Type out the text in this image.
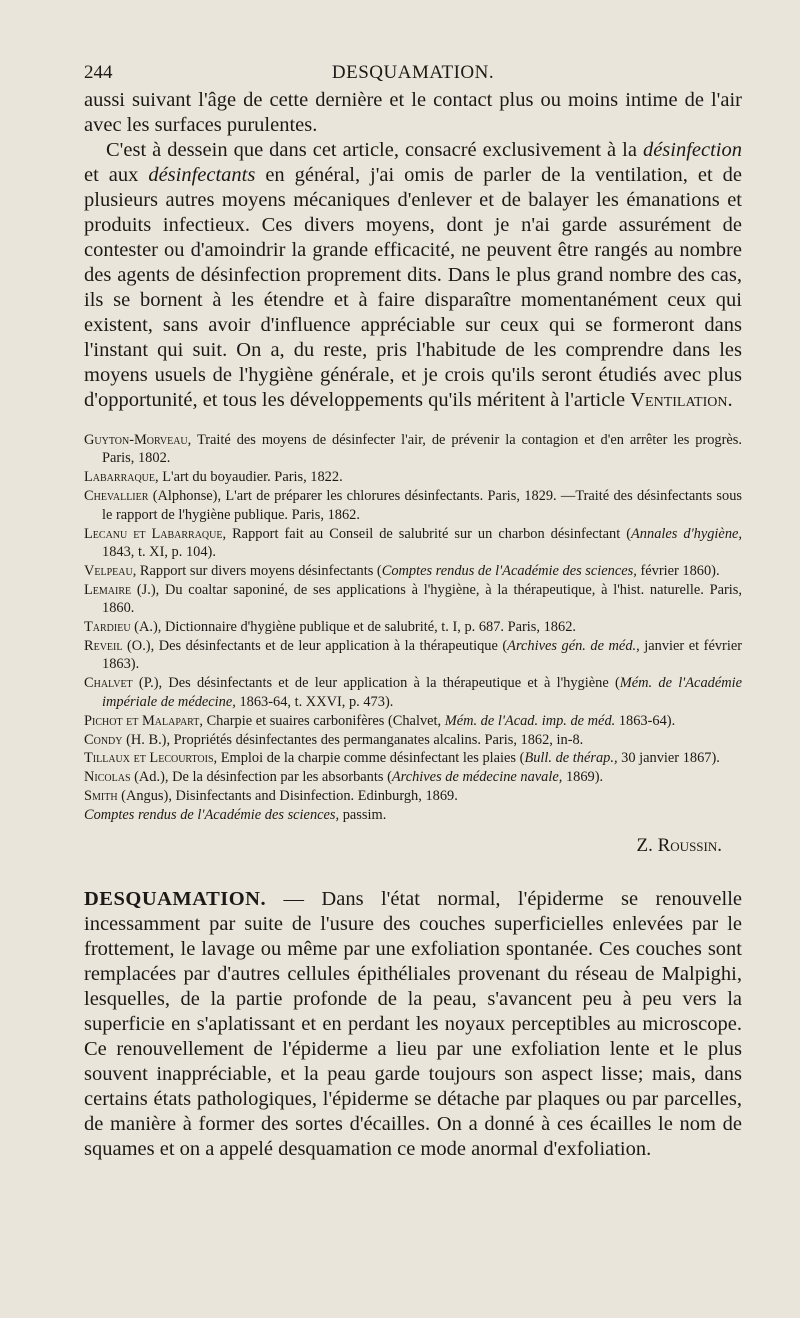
244	DESQUAMATION.

aussi suivant l'âge de cette dernière et le contact plus ou moins intime de l'air avec les surfaces purulentes.

C'est à dessein que dans cet article, consacré exclusivement à la désinfection et aux désinfectants en général, j'ai omis de parler de la ventilation, et de plusieurs autres moyens mécaniques d'enlever et de balayer les émanations et produits infectieux. Ces divers moyens, dont je n'ai garde assurément de contester ou d'amoindrir la grande efficacité, ne peuvent être rangés au nombre des agents de désinfection proprement dits. Dans le plus grand nombre des cas, ils se bornent à les étendre et à faire disparaître momentanément ceux qui existent, sans avoir d'influence appréciable sur ceux qui se formeront dans l'instant qui suit. On a, du reste, pris l'habitude de les comprendre dans les moyens usuels de l'hygiène générale, et je crois qu'ils seront étudiés avec plus d'opportunité, et tous les développements qu'ils méritent à l'article Ventilation.

Guyton-Morveau, Traité des moyens de désinfecter l'air, de prévenir la contagion et d'en arrêter les progrès. Paris, 1802.
Labarraque, L'art du boyaudier. Paris, 1822.
Chevallier (Alphonse), L'art de préparer les chlorures désinfectants. Paris, 1829. —Traité des désinfectants sous le rapport de l'hygiène publique. Paris, 1862.
Lecanu et Labarraque, Rapport fait au Conseil de salubrité sur un charbon désinfectant (Annales d'hygiène, 1843, t. XI, p. 104).
Velpeau, Rapport sur divers moyens désinfectants (Comptes rendus de l'Académie des sciences, février 1860).
Lemaire (J.), Du coaltar saponiné, de ses applications à l'hygiène, à la thérapeutique, à l'hist. naturelle. Paris, 1860.
Tardieu (A.), Dictionnaire d'hygiène publique et de salubrité, t. I, p. 687. Paris, 1862.
Reveil (O.), Des désinfectants et de leur application à la thérapeutique (Archives gén. de méd., janvier et février 1863).
Chalvet (P.), Des désinfectants et de leur application à la thérapeutique et à l'hygiène (Mém. de l'Académie impériale de médecine, 1863-64, t. XXVI, p. 473).
Pichot et Malapart, Charpie et suaires carbonifères (Chalvet, Mém. de l'Acad. imp. de méd. 1863-64).
Condy (H. B.), Propriétés désinfectantes des permanganates alcalins. Paris, 1862, in-8.
Tillaux et Lecourtois, Emploi de la charpie comme désinfectant les plaies (Bull. de thérap., 30 janvier 1867).
Nicolas (Ad.), De la désinfection par les absorbants (Archives de médecine navale, 1869).
Smith (Angus), Disinfectants and Disinfection. Edinburgh, 1869.
Comptes rendus de l'Académie des sciences, passim.
Z. Roussin.
DESQUAMATION. — Dans l'état normal, l'épiderme se renouvelle incessamment par suite de l'usure des couches superficielles enlevées par le frottement, le lavage ou même par une exfoliation spontanée. Ces couches sont remplacées par d'autres cellules épithéliales provenant du réseau de Malpighi, lesquelles, de la partie profonde de la peau, s'avancent peu à peu vers la superficie en s'aplatissant et en perdant les noyaux perceptibles au microscope. Ce renouvellement de l'épiderme a lieu par une exfoliation lente et le plus souvent inappréciable, et la peau garde toujours son aspect lisse; mais, dans certains états pathologiques, l'épiderme se détache par plaques ou par parcelles, de manière à former des sortes d'écailles. On a donné à ces écailles le nom de squames et on a appelé desquamation ce mode anormal d'exfoliation.
